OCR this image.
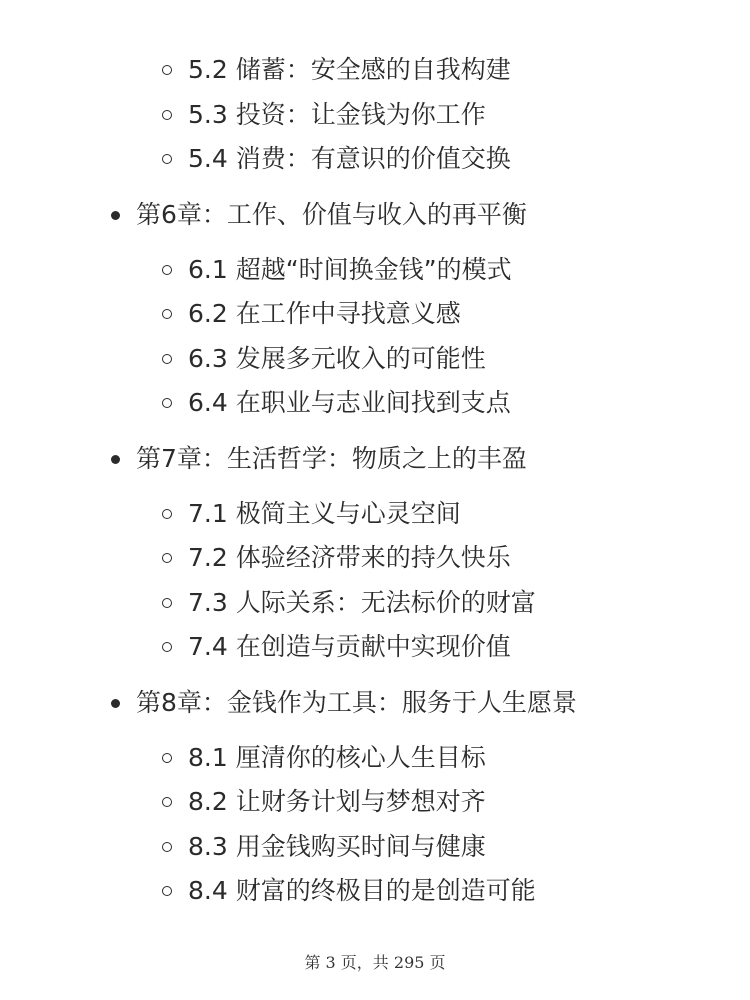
5.2 储蓄：安全感的自我构建
5.3 投资：让金钱为你工作
5.4 消费：有意识的价值交换
第6章：工作、价值与收入的再平衡
6.1 超越“时间换金钱”的模式
6.2 在工作中寻找意义感
6.3 发展多元收入的可能性
6.4 在职业与志业间找到支点
第7章：生活哲学：物质之上的丰盈
7.1 极简主义与心灵空间
7.2 体验经济带来的持久快乐
7.3 人际关系：无法标价的财富
7.4 在创造与贡献中实现价值
第8章：金钱作为工具：服务于人生愿景
8.1 厘清你的核心人生目标
8.2 让财务计划与梦想对齐
8.3 用金钱购买时间与健康
8.4 财富的终极目的是创造可能
第 3 页，共 295 页
